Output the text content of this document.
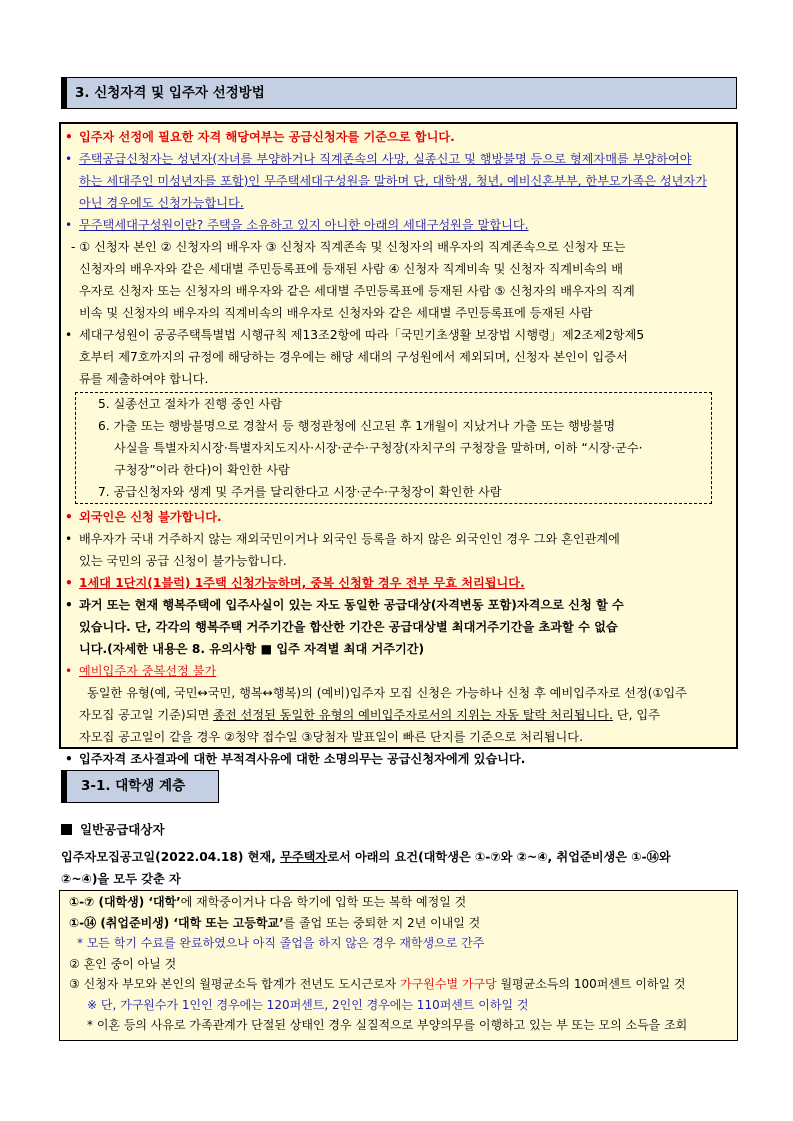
3. 신청자격 및 입주자 선정방법
• 입주자 선정에 필요한 자격 해당여부는 공급신청자를 기준으로 합니다.
• 주택공급신청자는 성년자(자녀를 부양하거나 직계존속의 사망, 실종신고 및 행방불명 등으로 형제자매를 부양하여야
하는 세대주인 미성년자를 포함)인 무주택세대구성원을 말하며 단, 대학생, 청년, 예비신혼부부, 한부모가족은 성년자가
아닌 경우에도 신청가능합니다.
• 무주택세대구성원이란? 주택을 소유하고 있지 아니한 아래의 세대구성원을 말합니다.
- ① 신청자 본인 ② 신청자의 배우자 ③ 신청자 직계존속 및 신청자의 배우자의 직계존속으로 신청자 또는
신청자의 배우자와 같은 세대별 주민등록표에 등재된 사람 ④ 신청자 직계비속 및 신청자 직계비속의 배
우자로 신청자 또는 신청자의 배우자와 같은 세대별 주민등록표에 등재된 사람 ⑤ 신청자의 배우자의 직계
비속 및 신청자의 배우자의 직계비속의 배우자로 신청자와 같은 세대별 주민등록표에 등재된 사람
• 세대구성원이 공공주택특별법 시행규칙 제13조2항에 따라「국민기초생활 보장법 시행령」제2조제2항제5
호부터 제7호까지의 규정에 해당하는 경우에는 해당 세대의 구성원에서 제외되며, 신청자 본인이 입증서
류를 제출하여야 합니다.
5. 실종선고 절차가 진행 중인 사람
6. 가출 또는 행방불명으로 경찰서 등 행정관청에 신고된 후 1개월이 지났거나 가출 또는 행방불명
사실을 특별자치시장·특별자치도지사·시장·군수·구청장(자치구의 구청장을 말하며, 이하 “시장·군수·
구청장”이라 한다)이 확인한 사람
7. 공급신청자와 생계 및 주거를 달리한다고 시장·군수·구청장이 확인한 사람
• 외국인은 신청 불가합니다.
• 배우자가 국내 거주하지 않는 재외국민이거나 외국인 등록을 하지 않은 외국인인 경우 그와 혼인관계에
있는 국민의 공급 신청이 불가능합니다.
• 1세대 1단지(1블럭) 1주택 신청가능하며, 중복 신청할 경우 전부 무효 처리됩니다.
• 과거 또는 현재 행복주택에 입주사실이 있는 자도 동일한 공급대상(자격변동 포함)자격으로 신청 할 수
있습니다. 단, 각각의 행복주택 거주기간을 합산한 기간은 공급대상별 최대거주기간을 초과할 수 없습
니다.(자세한 내용은 8. 유의사항 ■ 입주 자격별 최대 거주기간)
• 예비입주자 중복선정 불가
동일한 유형(예, 국민↔국민, 행복↔행복)의 (예비)입주자 모집 신청은 가능하나 신청 후 예비입주자로 선정(①입주
자모집 공고일 기준)되면 종전 선정된 동일한 유형의 예비입주자로서의 지위는 자동 탈락 처리됩니다. 단, 입주
자모집 공고일이 같을 경우 ②청약 접수일 ③당첨자 발표일이 빠른 단지를 기준으로 처리됩니다.
• 입주자격 조사결과에 대한 부적격사유에 대한 소명의무는 공급신청자에게 있습니다.
3-1. 대학생 계층
일반공급대상자
입주자모집공고일(2022.04.18) 현재, 무주택자로서 아래의 요건(대학생은 ①-⑦와 ②~④, 취업준비생은 ①-⑭와
②~④)을 모두 갖춘 자
①-⑦ (대학생) ‘대학’에 재학중이거나 다음 학기에 입학 또는 복학 예정일 것
①-⑭ (취업준비생) ‘대학 또는 고등학교’를 졸업 또는 중퇴한 지 2년 이내일 것
* 모든 학기 수료를 완료하였으나 아직 졸업을 하지 않은 경우 재학생으로 간주
② 혼인 중이 아닐 것
③ 신청자 부모와 본인의 월평균소득 합계가 전년도 도시근로자 가구원수별 가구당 월평균소득의 100퍼센트 이하일 것
※ 단, 가구원수가 1인인 경우에는 120퍼센트, 2인인 경우에는 110퍼센트 이하일 것
* 이혼 등의 사유로 가족관계가 단절된 상태인 경우 실질적으로 부양의무를 이행하고 있는 부 또는 모의 소득을 조회
